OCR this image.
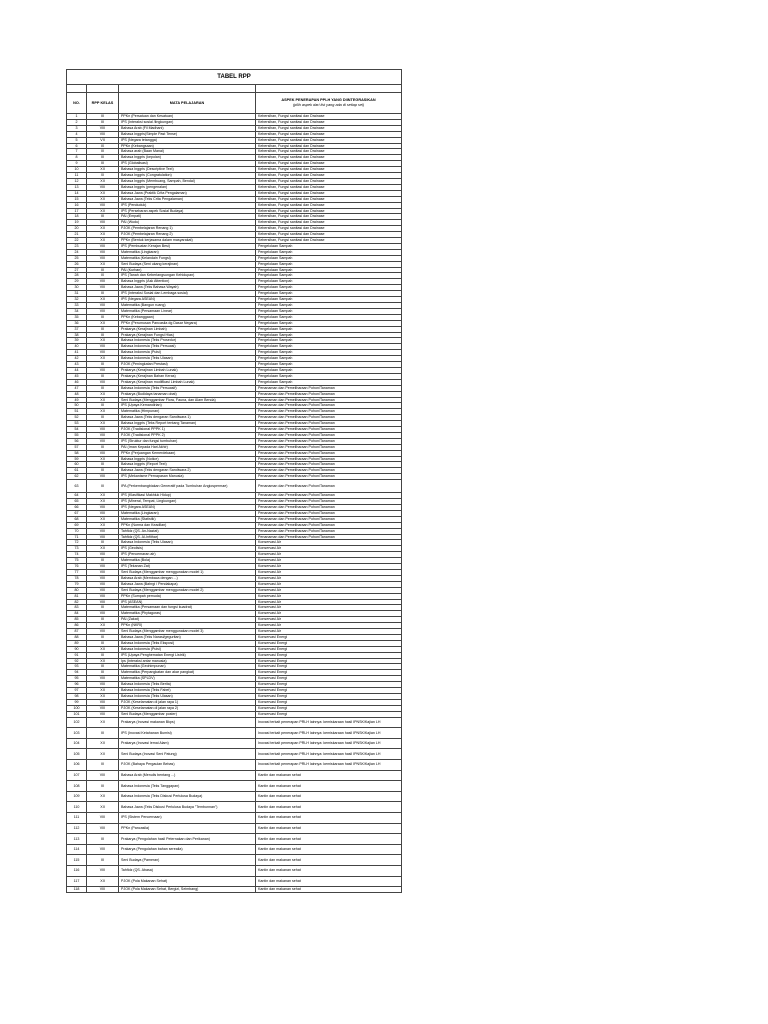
TABEL RPP			

NO.	RPP KELAS	MATA PELAJARAN	ASPEK PENERAPAN PPLH YANG DIINTEGRASIKAN
(pilih aspek dari list yang ada di setiap sel)

1	III	PPKn (Persatuan dan Kesatuan)	Kebersihan, Fungsi sanitasi dan Drainase
2	III	IPS (Interaksi sosial /lingkungan)	Kebersihan, Fungsi sanitasi dan Drainase
3	VIII	Bahasa Arab (Fil Madhani)	Kebersihan, Fungsi sanitasi dan Drainase
4	VIII	Bahasa Inggris(Simple Past Tense)	Kebersihan, Fungsi sanitasi dan Drainase
5	VII	IPS (Negara tetangga)	Kebersihan, Fungsi sanitasi dan Drainase
6	IX	PPKn (Kebangsaan)	Kebersihan, Fungsi sanitasi dan Drainase
7	III	Bahasa arab (Baan Manal)	Kebersihan, Fungsi sanitasi dan Drainase
8	III	Bahasa Inggris (kepolan)	Kebersihan, Fungsi sanitasi dan Drainase
9	III	IPS (Globalisasi)	Kebersihan, Fungsi sanitasi dan Drainase
10	XII	Bahasa Inggris (Descriptive Text)	Kebersihan, Fungsi sanitasi dan Drainase
11	XI	Bahasa Inggris (Congratulation)	Kebersihan, Fungsi sanitasi dan Drainase
12	XII	Bahasa Inggris (Membuang, Sampah, Bendal)	Kebersihan, Fungsi sanitasi dan Drainase
13	VIII	Bahasa Inggris (pengenalan)	Kebersihan, Fungsi sanitasi dan Drainase
14	XII	Bahasa Jawa (Praktik Crita Pengalaman)	Kebersihan, Fungsi sanitasi dan Drainase
15	XII	Bahasa Jawa (Teks Crita Pengalaman)	Kebersihan, Fungsi sanitasi dan Drainase
16	VIII	IPS (Penduduk)	Kebersihan, Fungsi sanitasi dan Drainase
17	XII	IPS (Persebaran aspek Sosial Budaya)	Kebersihan, Fungsi sanitasi dan Drainase
18	III	PAI (Empati)	Kebersihan, Fungsi sanitasi dan Drainase
19	VIII	PAI (Wudu)	Kebersihan, Fungsi sanitasi dan Drainase
20	XII	PJOK (Pembelajaran Renang 1)	Kebersihan, Fungsi sanitasi dan Drainase
21	XII	PJOK (Pembelajaran Renang 2)	Kebersihan, Fungsi sanitasi dan Drainase
22	XII	PPKn (Bentuk kerjasama dalam masyarakat)	Kebersihan, Fungsi sanitasi dan Drainase
23	VIII	IPS (Pembuatan Kerajan Besi)	Pengelolaan Sampah
24	VIII	Matematika (Lingkaran)	Pengelolaan Sampah
25	VIII	Matematika (Kelandain Fungsi)	Pengelolaan Sampah
26	XII	Seni Budaya (Seni ukang kerajinan)	Pengelolaan Sampah
27	III	PAI (Kurban)	Pengelolaan Sampah
28	IX	IPS (Tanah dan Keberlangsungan Kehidupan)	Pengelolaan Sampah
29	VIII	Bahasa Inggris (Ask Attention)	Pengelolaan Sampah
30	VIII	Bahasa Jawa (Teks Bahasa Wayah)	Pengelolaan Sampah
31	III	IPS (Interaksi Sosial dan Lembaga sosial)	Pengelolaan Sampah
32	XII	IPS (Negara ASEAN)	Pengelolaan Sampah
33	VIII	Matematika (Bangun ruang)	Pengelolaan Sampah
34	VIII	Matematika (Persamaan Linear)	Pengelolaan Sampah
35	III	PPKn (Kebanggaan)	Pengelolaan Sampah
36	XII	PPKn (Perumusan Pancasila dg Dasar Negara)	Pengelolaan Sampah
37	III	Prakarya (Kerajinan Limbah)	Pengelolaan Sampah
38	III	Prakarya (Kerajinan Fungsi Hias)	Pengelolaan Sampah
39	XII	Bahasa Indonesia (Teks Prosedur)	Pengelolaan Sampah
40	VIII	Bahasa Indonesia (Teks Persuasi)	Pengelolaan Sampah
41	VIII	Bahasa Indonesia (Puisi)	Pengelolaan Sampah
42	XII	Bahasa Indonesia (Teks Ulasan)	Pengelolaan Sampah
43	III	PJOK (Peningkatan Prestasi)	Pengelolaan Sampah
44	VIII	Prakarya (Kerajinan Limbah Lunak)	Pengelolaan Sampah
45	III	Prakarya (Kerajinan Bahan Keras)	Pengelolaan Sampah
46	VIII	Prakarya (Kerajinan modifikasi Limbah Lunak)	Pengelolaan Sampah
47	III	Bahasa Indonesia (Teks Persuasif)	Penanaman dan Pemeliharaan Pohon/Tanaman
48	XII	Prakarya (Budidaya tanaman obat)	Penanaman dan Pemeliharaan Pohon/Tanaman
49	XII	Seni Budaya (Menggambar Flora, Fauna, dan Alam Benda)	Penanaman dan Pemeliharaan Pohon/Tanaman
50	III	IPS (Upaya Kemandirian)	Penanaman dan Pemeliharaan Pohon/Tanaman
51	XII	Matematika (Himpunan)	Penanaman dan Pemeliharaan Pohon/Tanaman
52	III	Bahasa Jawa (Teks dengaran Sandiwara 1)	Penanaman dan Pemeliharaan Pohon/Tanaman
53	XII	Bahasa Inggris (Teks Report tentang Tanaman)	Penanaman dan Pemeliharaan Pohon/Tanaman
54	VIII	PJOK (Tradisional PPPK 1)	Penanaman dan Pemeliharaan Pohon/Tanaman
55	VIII	PJOK (Tradisional PPPK 2)	Penanaman dan Pemeliharaan Pohon/Tanaman
56	VIII	IPS (Struktur dan fungsi tumbuhan)	Penanaman dan Pemeliharaan Pohon/Tanaman
57	III	PAI (Iman Kepada Hari Akhir)	Penanaman dan Pemeliharaan Pohon/Tanaman
58	VIII	PPKn (Perjuangan Kemerdekaan)	Penanaman dan Pemeliharaan Pohon/Tanaman
59	XII	Bahasa Inggris (Notice)	Penanaman dan Pemeliharaan Pohon/Tanaman
60	III	Bahasa Inggris (Report Text)	Penanaman dan Pemeliharaan Pohon/Tanaman
61	III	Bahasa Jawa (Teks dengaran Sandiwara 2)	Penanaman dan Pemeliharaan Pohon/Tanaman
62	VIII	IPS (Mekanisme Pernapasan Manusia)	Penanaman dan Pemeliharaan Pohon/Tanaman
63	III	IPA (Perkembangbiakan Generatif pada Tumbuhan Angiospermae)	Penanaman dan Pemeliharaan Pohon/Tanaman
64	XII	IPS (Klasifikasi Makhluk Hidup)	Penanaman dan Pemeliharaan Pohon/Tanaman
65	XII	IPS (Mineral, Tempat, Lingkungan)	Penanaman dan Pemeliharaan Pohon/Tanaman
66	VIII	IPS (Negara ASEAN)	Penanaman dan Pemeliharaan Pohon/Tanaman
67	VIII	Matematika (Lingkaran)	Penanaman dan Pemeliharaan Pohon/Tanaman
68	XII	Matematika (Statistik)	Penanaman dan Pemeliharaan Pohon/Tanaman
69	XII	PPKn (Norma dan Keadilan)	Penanaman dan Pemeliharaan Pohon/Tanaman
70	VIII	Tahfidz (QS. An-Naziat)	Penanaman dan Pemeliharaan Pohon/Tanaman
71	VIII	Tahfidz (QS. Al-Infithar)	Penanaman dan Pemeliharaan Pohon/Tanaman
72	III	Bahasa Indonesia (Teks Ulasan)	Konservasi Air
73	XII	IPS (Geolisis)	Konservasi Air
74	VIII	IPS (Pencemaran air)	Konservasi Air
75	III	Matematika (Bola)	Konservasi Air
76	VIII	IPS (Tekanan Zat)	Konservasi Air
77	VIII	Seni Budaya (Menggambar menggunakan model 1)	Konservasi Air
78	VIII	Bahasa Arab (Membaca dengan ...)	Konservasi Air
79	VIII	Bahasa Jawa (Bahrgi / Pendakapa)	Konservasi Air
80	VIII	Seni Budaya (Menggambar menggunakan model 2)	Konservasi Air
81	VIII	PPKn (Sumpah pemuda)	Konservasi Air
82	VIII	IPS (ASEAN)	Konservasi Air
83	III	Matematika (Persamaan dan fungsi kuadrat)	Konservasi Air
84	VIII	Matematika (Phytagoras)	Konservasi Air
85	III	PAI (Zakat)	Konservasi Air
86	XII	PPKn (NKRI)	Konservasi Air
87	VIII	Seni Budaya (Menggambar menggunakan model 3)	Konservasi Air
88	III	Bahasa Jawa (Teks Narasi/geguritan)	Konservasi Energi
89	III	Bahasa Indonesia (Teks Eksposi)	Konservasi Energi
90	XII	Bahasa Indonesia (Puisi)	Konservasi Energi
91	III	IPS (Upaya Penghematan Energi Listrik)	Konservasi Energi
92	XII	Ips (Interaksi antar manusia)	Konservasi Energi
93	III	Matematika (Geohimpunan)	Konservasi Energi
94	III	Matematika (Perpangkatan dan akar pangkat)	Konservasi Energi
95	VIII	Matematika (SPLDV)	Konservasi Energi
96	VIII	Bahasa Indonesia (Teks Berita)	Konservasi Energi
97	XII	Bahasa Indonesia (Teks Fabel)	Konservasi Energi
98	XII	Bahasa Indonesia (Teks Ulasan)	Konservasi Energi
99	VIII	PJOK (Keselamatan di jalan raya 1)	Konservasi Energi
100	VIII	PJOK (Keselamatan di jalan raya 2)	Konservasi Energi
101	VIII	Seni Budaya (Menggambar poster)	Konservasi Energi
102	XII	Prakarya (Inovasi makanan Bkps)	Inovasi terkait penerapan PRLH lainnya: kemiskaraan hasil IPNSK/Kajian LH
103	III	IPS (Inovasi Ketahanan Bumisi)	Inovasi terkait penerapan PRLH lainnya: kemiskaraan hasil IPNSK/Kajian LH
104	XII	Prakarya (Inovasi lemai Alam)	Inovasi terkait penerapan PRLH lainnya: kemiskaraan hasil IPNSK/Kajian LH
105	XII	Seni Budaya (Inovasi Seni Patung)	Inovasi terkait penerapan PRLH lainnya: kemiskaraan hasil IPNSK/Kajian LH
106	III	PJOK (Bahaya Pergaulan Bebas)	Inovasi terkait penerapan PRLH lainnya: kemiskaraan hasil IPNSK/Kajian LH
107	VIII	Bahasa Arab (Menulis bentang ...)	Kantin dan makanan sehat
108	III	Bahasa Indonesia (Teks Tanggapan)	Kantin dan makanan sehat
109	XII	Bahasa Indonesia (Teks Diskusi Perlulusa Budaya)	Kantin dan makanan sehat
110	XII	Bahasa Jawa (Teks Diskusi Perlulusa Budaya "Tembunnan")	Kantin dan makanan sehat
111	VIII	IPS (Sistem Pencernaan)	Kantin dan makanan sehat
112	VIII	PPKn (Pancasila)	Kantin dan makanan sehat
113	III	Prakarya (Pengolahan hasil Peternakan dan Perikanan)	Kantin dan makanan sehat
114	VIII	Prakarya (Pengolahan bahan serealia)	Kantin dan makanan sehat
115	III	Seni Budaya (Pameran)	Kantin dan makanan sehat
116	VIII	Tahfidz (QS. Abasa)	Kantin dan makanan sehat
117	XII	PJOK (Pola Makanan Sehat)	Kantin dan makanan sehat
118	VIII	PJOK (Pola Makanan Sehat, Bergizi, Seimbang)	Kantin dan makanan sehat
